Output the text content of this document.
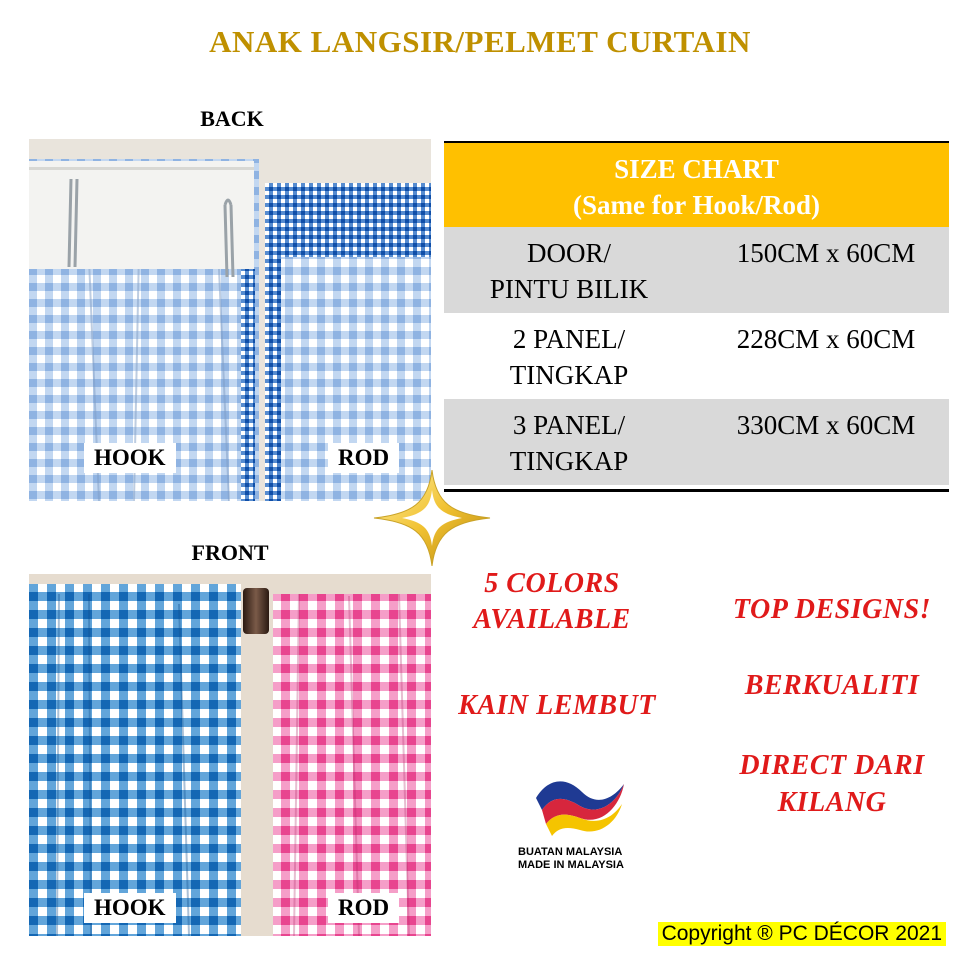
ANAK LANGSIR/PELMET CURTAIN
BACK
HOOK	ROD
FRONT
HOOK	ROD
SIZE CHART
(Same for Hook/Rod)
DOOR/
PINTU BILIK
150CM x 60CM
2 PANEL/
TINGKAP
228CM x 60CM
3 PANEL/
TINGKAP
330CM x 60CM
5 COLORS
AVAILABLE
KAIN LEMBUT
TOP DESIGNS!
BERKUALITI
DIRECT DARI
KILANG
BUATAN MALAYSIA
MADE IN MALAYSIA
Copyright ® PC DÉCOR 2021
